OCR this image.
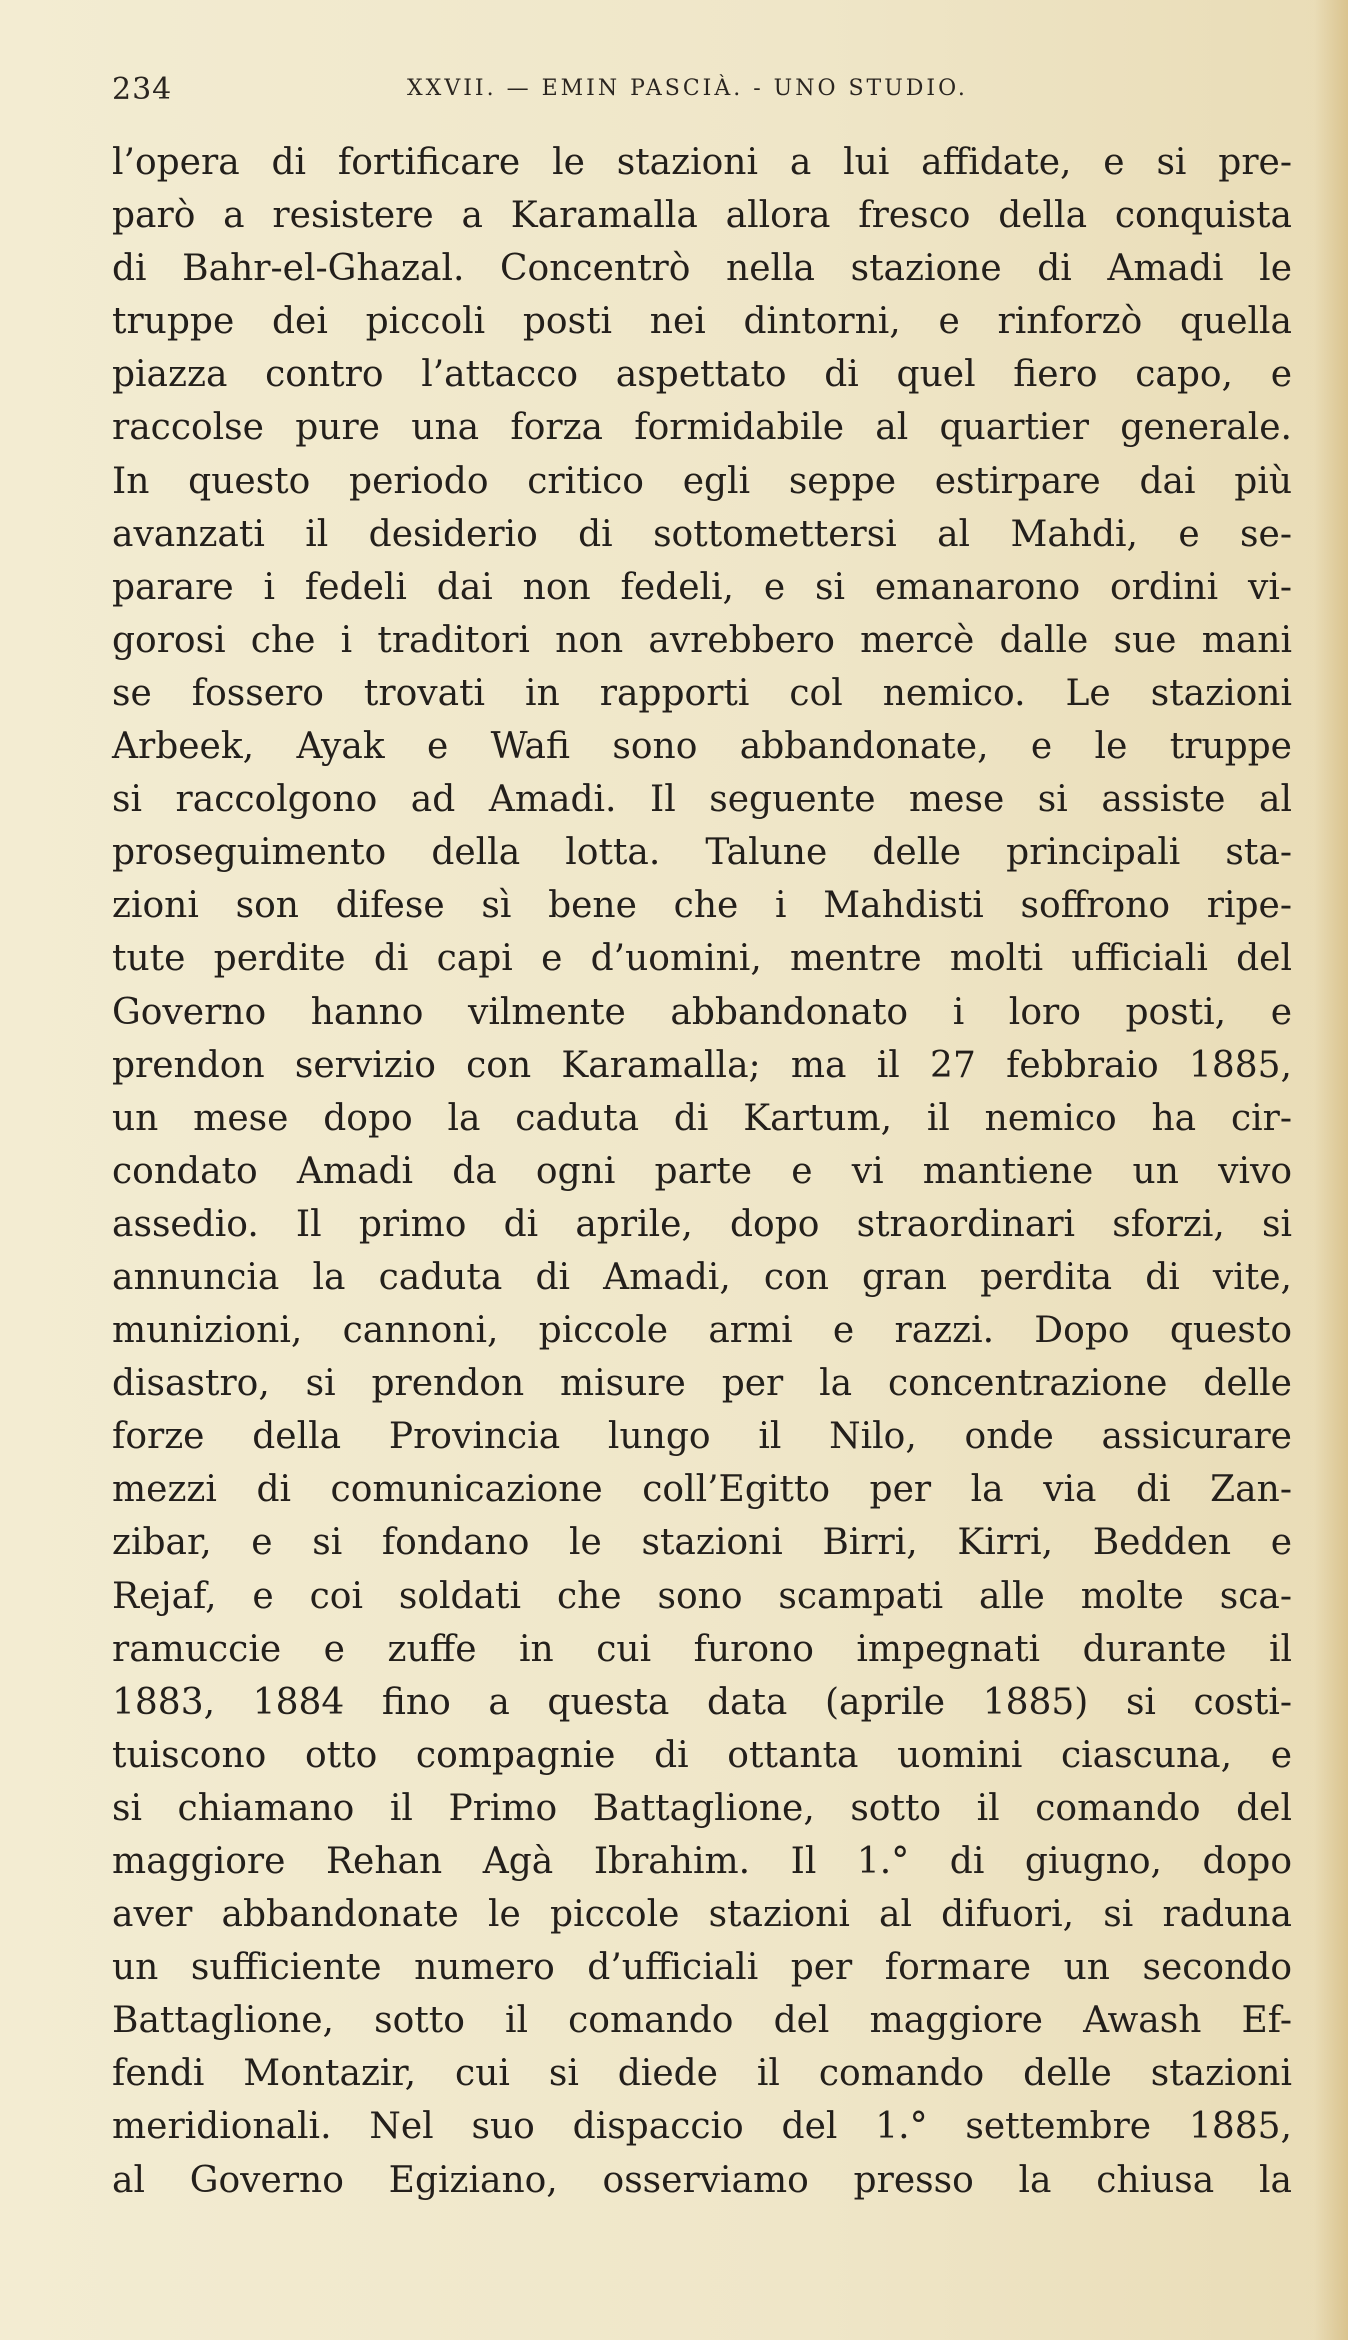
234	XXVII. — EMIN PASCIÀ. - UNO STUDIO.
l’opera di fortificare le stazioni a lui affidate, e si pre-
parò a resistere a Karamalla allora fresco della conquista
di Bahr-el-Ghazal. Concentrò nella stazione di Amadi le
truppe dei piccoli posti nei dintorni, e rinforzò quella
piazza contro l’attacco aspettato di quel fiero capo, e
raccolse pure una forza formidabile al quartier generale.
In questo periodo critico egli seppe estirpare dai più
avanzati il desiderio di sottomettersi al Mahdi, e se-
parare i fedeli dai non fedeli, e si emanarono ordini vi-
gorosi che i traditori non avrebbero mercè dalle sue mani
se fossero trovati in rapporti col nemico. Le stazioni
Arbeek, Ayak e Wafi sono abbandonate, e le truppe
si raccolgono ad Amadi. Il seguente mese si assiste al
proseguimento della lotta. Talune delle principali sta-
zioni son difese sì bene che i Mahdisti soffrono ripe-
tute perdite di capi e d’uomini, mentre molti ufficiali del
Governo hanno vilmente abbandonato i loro posti, e
prendon servizio con Karamalla; ma il 27 febbraio 1885,
un mese dopo la caduta di Kartum, il nemico ha cir-
condato Amadi da ogni parte e vi mantiene un vivo
assedio. Il primo di aprile, dopo straordinari sforzi, si
annuncia la caduta di Amadi, con gran perdita di vite,
munizioni, cannoni, piccole armi e razzi. Dopo questo
disastro, si prendon misure per la concentrazione delle
forze della Provincia lungo il Nilo, onde assicurare
mezzi di comunicazione coll’Egitto per la via di Zan-
zibar, e si fondano le stazioni Birri, Kirri, Bedden e
Rejaf, e coi soldati che sono scampati alle molte sca-
ramuccie e zuffe in cui furono impegnati durante il
1883, 1884 fino a questa data (aprile 1885) si costi-
tuiscono otto compagnie di ottanta uomini ciascuna, e
si chiamano il Primo Battaglione, sotto il comando del
maggiore Rehan Agà Ibrahim. Il 1.° di giugno, dopo
aver abbandonate le piccole stazioni al difuori, si raduna
un sufficiente numero d’ufficiali per formare un secondo
Battaglione, sotto il comando del maggiore Awash Ef-
fendi Montazir, cui si diede il comando delle stazioni
meridionali. Nel suo dispaccio del 1.° settembre 1885,
al Governo Egiziano, osserviamo presso la chiusa la
